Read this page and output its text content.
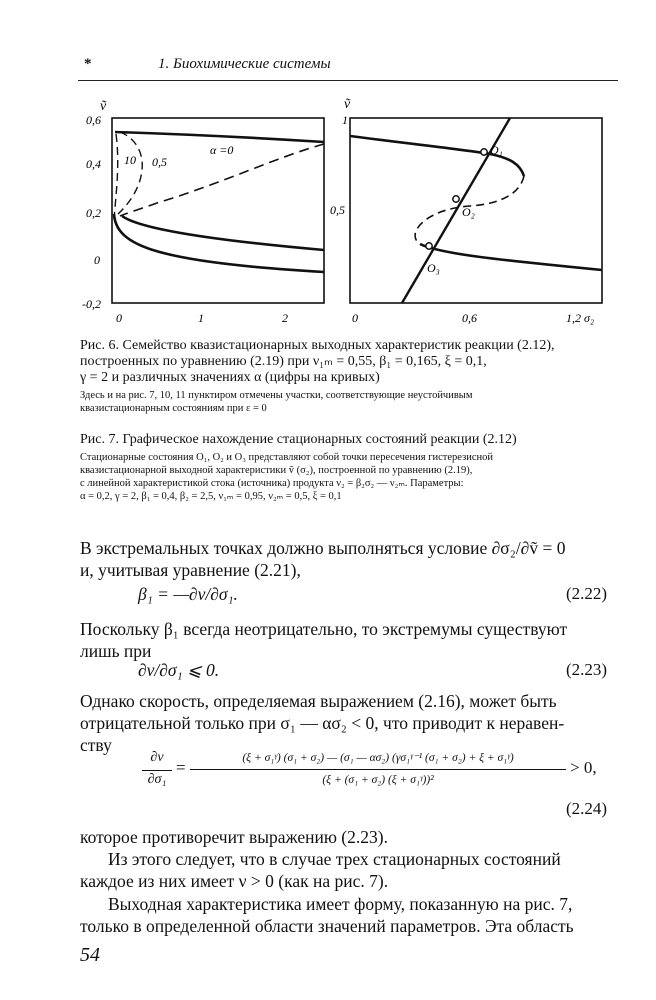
*	1. Биохимические системы
ṽ
0,6
0,4
0,2
0
-0,2
0	1	2
10 0,5
α =0
ṽ
1
0,5
0	0,6	1,2 σ₂
O₁
O₂
O₃
Рис. 6. Семейство квазистационарных выходных характеристик реакции (2.12),
построенных по уравнению (2.19) при ν₁ₘ = 0,55, β₁ = 0,165, ξ = 0,1,
γ = 2 и различных значениях α (цифры на кривых)
Здесь и на рис. 7, 10, 11 пунктиром отмечены участки, соответствующие неустойчивым
квазистационарным состояниям при ε = 0
Рис. 7. Графическое нахождение стационарных состояний реакции (2.12)
Стационарные состояния O₁, O₂ и O₃ представляют собой точки пересечения гистерезисной
квазистационарной выходной характеристики ṽ (σ₂), построенной по уравнению (2.19),
с линейной характеристикой стока (источника) продукта ν₂ = β₂σ₂ — ν₂ₘ. Параметры:
α = 0,2, γ = 2, β₁ = 0,4, β₂ = 2,5, ν₁ₘ = 0,95, ν₂ₘ = 0,5, ξ = 0,1
В экстремальных точках должно выполняться условие ∂σ₂/∂ṽ = 0
и, учитывая уравнение (2.21),
β₁ = —∂ν/∂σ₁.	(2.22)
Поскольку β₁ всегда неотрицательно, то экстремумы существуют
лишь при
∂ν/∂σ₁ ⩽ 0.	(2.23)
Однако скорость, определяемая выражением (2.16), может быть
отрицательной только при σ₁ — ασ₂ < 0, что приводит к неравен-
ству
∂ν
∂σ₁
=	(ξ + σ₁ᵞ) (σ₁ + σ₂) — (σ₁ — ασ₂) (γσ₁ᵞ⁻¹ (σ₁ + σ₂) + ξ + σ₁ᵞ)
(ξ + (σ₁ + σ₂) (ξ + σ₁ᵞ))²
> 0,
(2.24)
которое противоречит выражению (2.23).
Из этого следует, что в случае трех стационарных состояний
каждое из них имеет ν > 0 (как на рис. 7).
Выходная характеристика имеет форму, показанную на рис. 7,
только в определенной области значений параметров. Эта область
54
